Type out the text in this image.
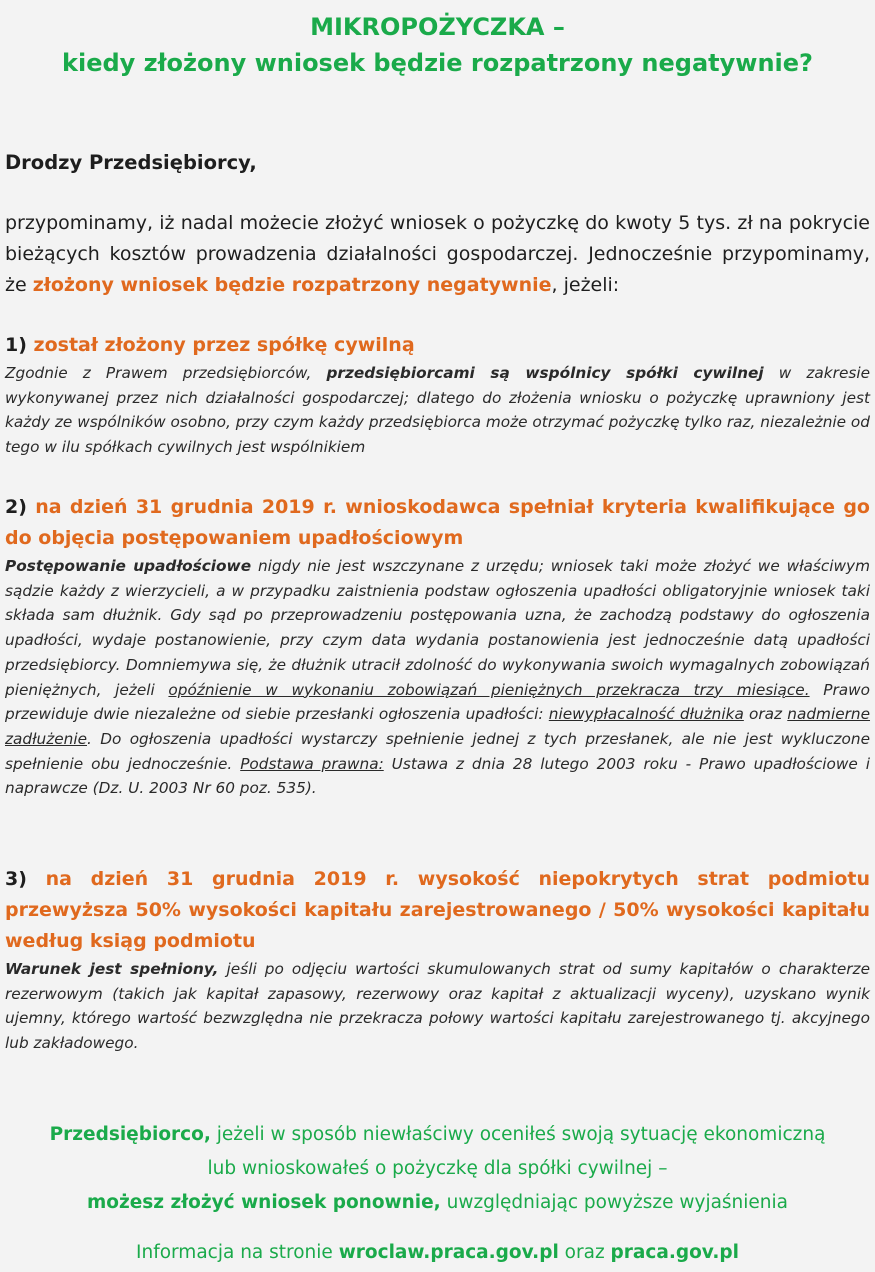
MIKROPOŻYCZKA –
kiedy złożony wniosek będzie rozpatrzony negatywnie?

Drodzy Przedsiębiorcy,

przypominamy, iż nadal możecie złożyć wniosek o pożyczkę do kwoty 5 tys. zł na pokrycie bieżących kosztów prowadzenia działalności gospodarczej. Jednocześnie przypominamy, że złożony wniosek będzie rozpatrzony negatywnie, jeżeli:

1) został złożony przez spółkę cywilną

Zgodnie z Prawem przedsiębiorców, przedsiębiorcami są wspólnicy spółki cywilnej w zakresie wykonywanej przez nich działalności gospodarczej; dlatego do złożenia wniosku o pożyczkę uprawniony jest każdy ze wspólników osobno, przy czym każdy przedsiębiorca może otrzymać pożyczkę tylko raz, niezależnie od tego w ilu spółkach cywilnych jest wspólnikiem

2) na dzień 31 grudnia 2019 r. wnioskodawca spełniał kryteria kwalifikujące go do objęcia postępowaniem upadłościowym

Postępowanie upadłościowe nigdy nie jest wszczynane z urzędu; wniosek taki może złożyć we właściwym sądzie każdy z wierzycieli, a w przypadku zaistnienia podstaw ogłoszenia upadłości obligatoryjnie wniosek taki składa sam dłużnik. Gdy sąd po przeprowadzeniu postępowania uzna, że zachodzą podstawy do ogłoszenia upadłości, wydaje postanowienie, przy czym data wydania postanowienia jest jednocześnie datą upadłości przedsiębiorcy. Domniemywa się, że dłużnik utracił zdolność do wykonywania swoich wymagalnych zobowiązań pieniężnych, jeżeli opóźnienie w wykonaniu zobowiązań pieniężnych przekracza trzy miesiące. Prawo przewiduje dwie niezależne od siebie przesłanki ogłoszenia upadłości: niewypłacalność dłużnika oraz nadmierne zadłużenie. Do ogłoszenia upadłości wystarczy spełnienie jednej z tych przesłanek, ale nie jest wykluczone spełnienie obu jednocześnie. Podstawa prawna: Ustawa z dnia 28 lutego 2003 roku - Prawo upadłościowe i naprawcze (Dz. U. 2003 Nr 60 poz. 535).

3) na dzień 31 grudnia 2019 r. wysokość niepokrytych strat podmiotu przewyższa 50% wysokości kapitału zarejestrowanego / 50% wysokości kapitału według ksiąg podmiotu

Warunek jest spełniony, jeśli po odjęciu wartości skumulowanych strat od sumy kapitałów o charakterze rezerwowym (takich jak kapitał zapasowy, rezerwowy oraz kapitał z aktualizacji wyceny), uzyskano wynik ujemny, którego wartość bezwzględna nie przekracza połowy wartości kapitału zarejestrowanego tj. akcyjnego lub zakładowego.

Przedsiębiorco, jeżeli w sposób niewłaściwy oceniłeś swoją sytuację ekonomiczną
lub wnioskowałeś o pożyczkę dla spółki cywilnej –
możesz złożyć wniosek ponownie, uwzględniając powyższe wyjaśnienia
Informacja na stronie wroclaw.praca.gov.pl oraz praca.gov.pl
